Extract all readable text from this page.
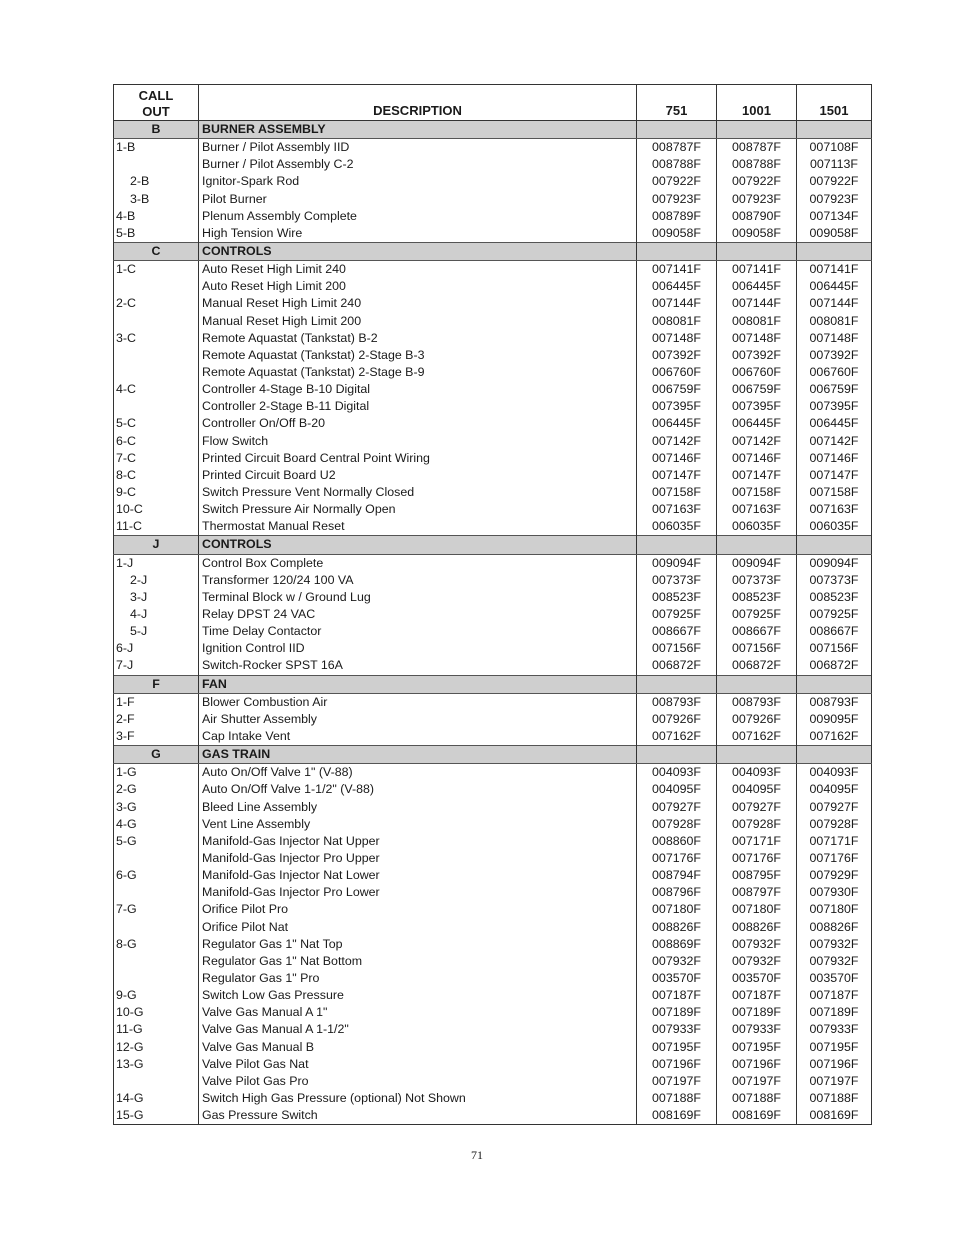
CALL
OUT	DESCRIPTION	751	1001	1501
B	BURNER ASSEMBLY			
1-B	Burner / Pilot Assembly IID	008787F	008787F	007108F
	Burner / Pilot Assembly C-2	008788F	008788F	007113F
2-B	Ignitor-Spark Rod	007922F	007922F	007922F
3-B	Pilot Burner	007923F	007923F	007923F
4-B	Plenum Assembly Complete	008789F	008790F	007134F
5-B	High Tension Wire	009058F	009058F	009058F
C	CONTROLS			
1-C	Auto Reset High Limit 240	007141F	007141F	007141F
	Auto Reset High Limit 200	006445F	006445F	006445F
2-C	Manual Reset High Limit 240	007144F	007144F	007144F
	Manual Reset High Limit 200	008081F	008081F	008081F
3-C	Remote Aquastat (Tankstat) B-2	007148F	007148F	007148F
	Remote Aquastat (Tankstat) 2-Stage B-3	007392F	007392F	007392F
	Remote Aquastat (Tankstat) 2-Stage B-9	006760F	006760F	006760F
4-C	Controller 4-Stage B-10 Digital	006759F	006759F	006759F
	Controller 2-Stage B-11 Digital	007395F	007395F	007395F
5-C	Controller On/Off B-20	006445F	006445F	006445F
6-C	Flow Switch	007142F	007142F	007142F
7-C	Printed Circuit Board Central Point Wiring	007146F	007146F	007146F
8-C	Printed Circuit Board U2	007147F	007147F	007147F
9-C	Switch Pressure Vent Normally Closed	007158F	007158F	007158F
10-C	Switch Pressure Air Normally Open	007163F	007163F	007163F
11-C	Thermostat Manual Reset	006035F	006035F	006035F
J	CONTROLS			
1-J	Control Box Complete	009094F	009094F	009094F
2-J	Transformer 120/24 100 VA	007373F	007373F	007373F
3-J	Terminal Block w / Ground Lug	008523F	008523F	008523F
4-J	Relay DPST 24 VAC	007925F	007925F	007925F
5-J	Time Delay Contactor	008667F	008667F	008667F
6-J	Ignition Control IID	007156F	007156F	007156F
7-J	Switch-Rocker SPST 16A	006872F	006872F	006872F
F	FAN			
1-F	Blower Combustion Air	008793F	008793F	008793F
2-F	Air Shutter Assembly	007926F	007926F	009095F
3-F	Cap Intake Vent	007162F	007162F	007162F
G	GAS TRAIN			
1-G	Auto On/Off Valve 1" (V-88)	004093F	004093F	004093F
2-G	Auto On/Off Valve 1-1/2" (V-88)	004095F	004095F	004095F
3-G	Bleed Line Assembly	007927F	007927F	007927F
4-G	Vent Line Assembly	007928F	007928F	007928F
5-G	Manifold-Gas Injector Nat Upper	008860F	007171F	007171F
	Manifold-Gas Injector Pro Upper	007176F	007176F	007176F
6-G	Manifold-Gas Injector Nat Lower	008794F	008795F	007929F
	Manifold-Gas Injector Pro Lower	008796F	008797F	007930F
7-G	Orifice Pilot Pro	007180F	007180F	007180F
	Orifice Pilot Nat	008826F	008826F	008826F
8-G	Regulator Gas 1" Nat Top	008869F	007932F	007932F
	Regulator Gas 1" Nat Bottom	007932F	007932F	007932F
	Regulator Gas 1" Pro	003570F	003570F	003570F
9-G	Switch Low Gas Pressure	007187F	007187F	007187F
10-G	Valve Gas Manual A 1"	007189F	007189F	007189F
11-G	Valve Gas Manual A 1-1/2"	007933F	007933F	007933F
12-G	Valve Gas Manual B	007195F	007195F	007195F
13-G	Valve Pilot Gas Nat	007196F	007196F	007196F
	Valve Pilot Gas Pro	007197F	007197F	007197F
14-G	Switch High Gas Pressure (optional) Not Shown	007188F	007188F	007188F
15-G	Gas Pressure Switch	008169F	008169F	008169F
71
